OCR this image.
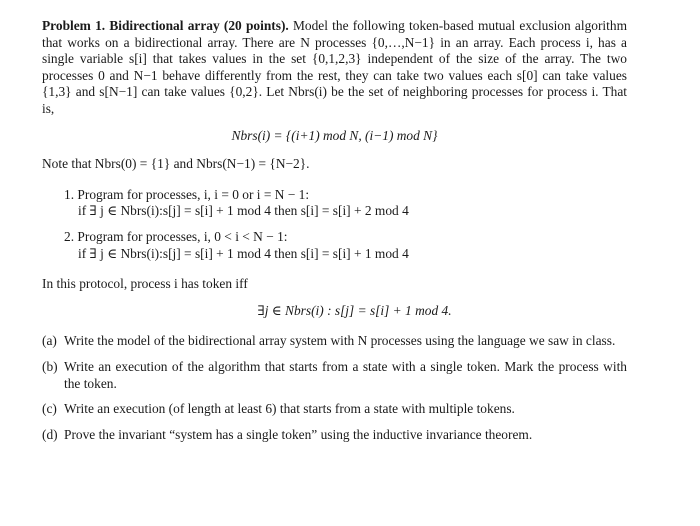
Problem 1. Bidirectional array (20 points). Model the following token-based mutual exclusion algorithm that works on a bidirectional array. There are N processes {0,…,N−1} in an array. Each process i, has a single variable s[i] that takes values in the set {0,1,2,3} independent of the size of the array. The two processes 0 and N−1 behave differently from the rest, they can take two values each s[0] can take values {1,3} and s[N−1] can take values {0,2}. Let Nbrs(i) be the set of neighboring processes for process i. That is,

Nbrs(i) = {(i+1) mod N, (i−1) mod N}

Note that Nbrs(0) = {1} and Nbrs(N−1) = {N−2}.

1. Program for processes, i, i = 0 or i = N − 1:
if ∃ j ∈ Nbrs(i):s[j] = s[i] + 1 mod 4 then s[i] = s[i] + 2 mod 4
2. Program for processes, i, 0 < i < N − 1:
if ∃ j ∈ Nbrs(i):s[j] = s[i] + 1 mod 4 then s[i] = s[i] + 1 mod 4

In this protocol, process i has token iff

∃j ∈ Nbrs(i) : s[j] = s[i] + 1 mod 4.
(a) Write the model of the bidirectional array system with N processes using the language we saw in class.
(b) Write an execution of the algorithm that starts from a state with a single token. Mark the process with the token.
(c) Write an execution (of length at least 6) that starts from a state with multiple tokens.
(d) Prove the invariant “system has a single token” using the inductive invariance theorem.
